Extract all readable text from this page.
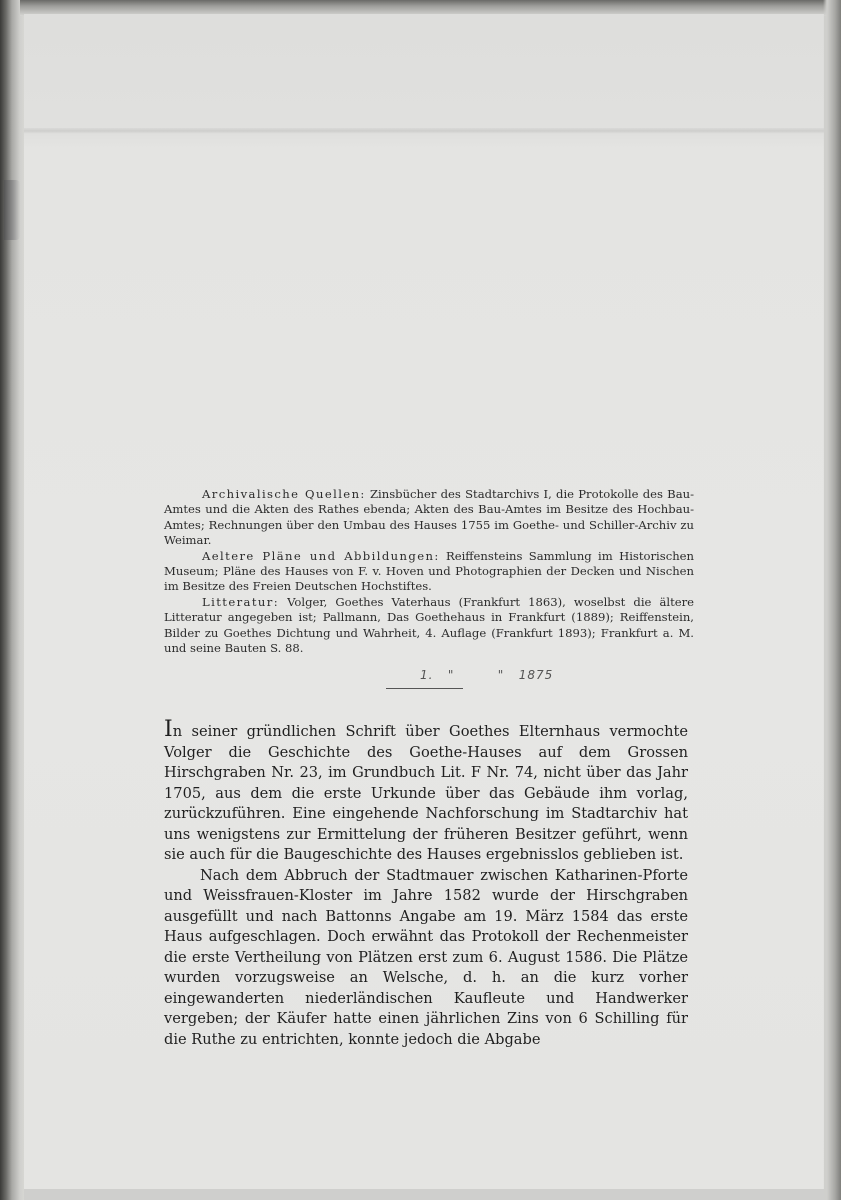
Archivalische Quellen: Zinsbücher des Stadtarchivs I, die Protokolle des Bau-Amtes und die Akten des Rathes ebenda; Akten des Bau-Amtes im Besitze des Hochbau-Amtes; Rechnungen über den Umbau des Hauses 1755 im Goethe- und Schiller-Archiv zu Weimar.

Aeltere Pläne und Abbildungen: Reiffensteins Sammlung im Historischen Museum; Pläne des Hauses von F. v. Hoven und Photographien der Decken und Nischen im Besitze des Freien Deutschen Hochstiftes.

Litteratur: Volger, Goethes Vaterhaus (Frankfurt 1863), woselbst die ältere Litteratur angegeben ist; Pallmann, Das Goethehaus in Frankfurt (1889); Reiffenstein, Bilder zu Goethes Dichtung und Wahrheit, 4. Auflage (Frankfurt 1893); Frankfurt a. M. und seine Bauten S. 88.

1.   "         "   1875

In seiner gründlichen Schrift über Goethes Elternhaus vermochte Volger die Geschichte des Goethe-Hauses auf dem Grossen Hirschgraben Nr. 23, im Grundbuch Lit. F Nr. 74, nicht über das Jahr 1705, aus dem die erste Urkunde über das Gebäude ihm vorlag, zurückzuführen. Eine eingehende Nachforschung im Stadtarchiv hat uns wenigstens zur Ermittelung der früheren Besitzer geführt, wenn sie auch für die Baugeschichte des Hauses ergebnisslos geblieben ist.

Nach dem Abbruch der Stadtmauer zwischen Katharinen-Pforte und Weissfrauen-Kloster im Jahre 1582 wurde der Hirschgraben ausgefüllt und nach Battonns Angabe am 19. März 1584 das erste Haus aufgeschlagen. Doch erwähnt das Protokoll der Rechenmeister die erste Vertheilung von Plätzen erst zum 6. August 1586. Die Plätze wurden vorzugsweise an Welsche, d. h. an die kurz vorher eingewanderten niederländischen Kaufleute und Handwerker vergeben; der Käufer hatte einen jährlichen Zins von 6 Schilling für die Ruthe zu entrichten, konnte jedoch die Abgabe
